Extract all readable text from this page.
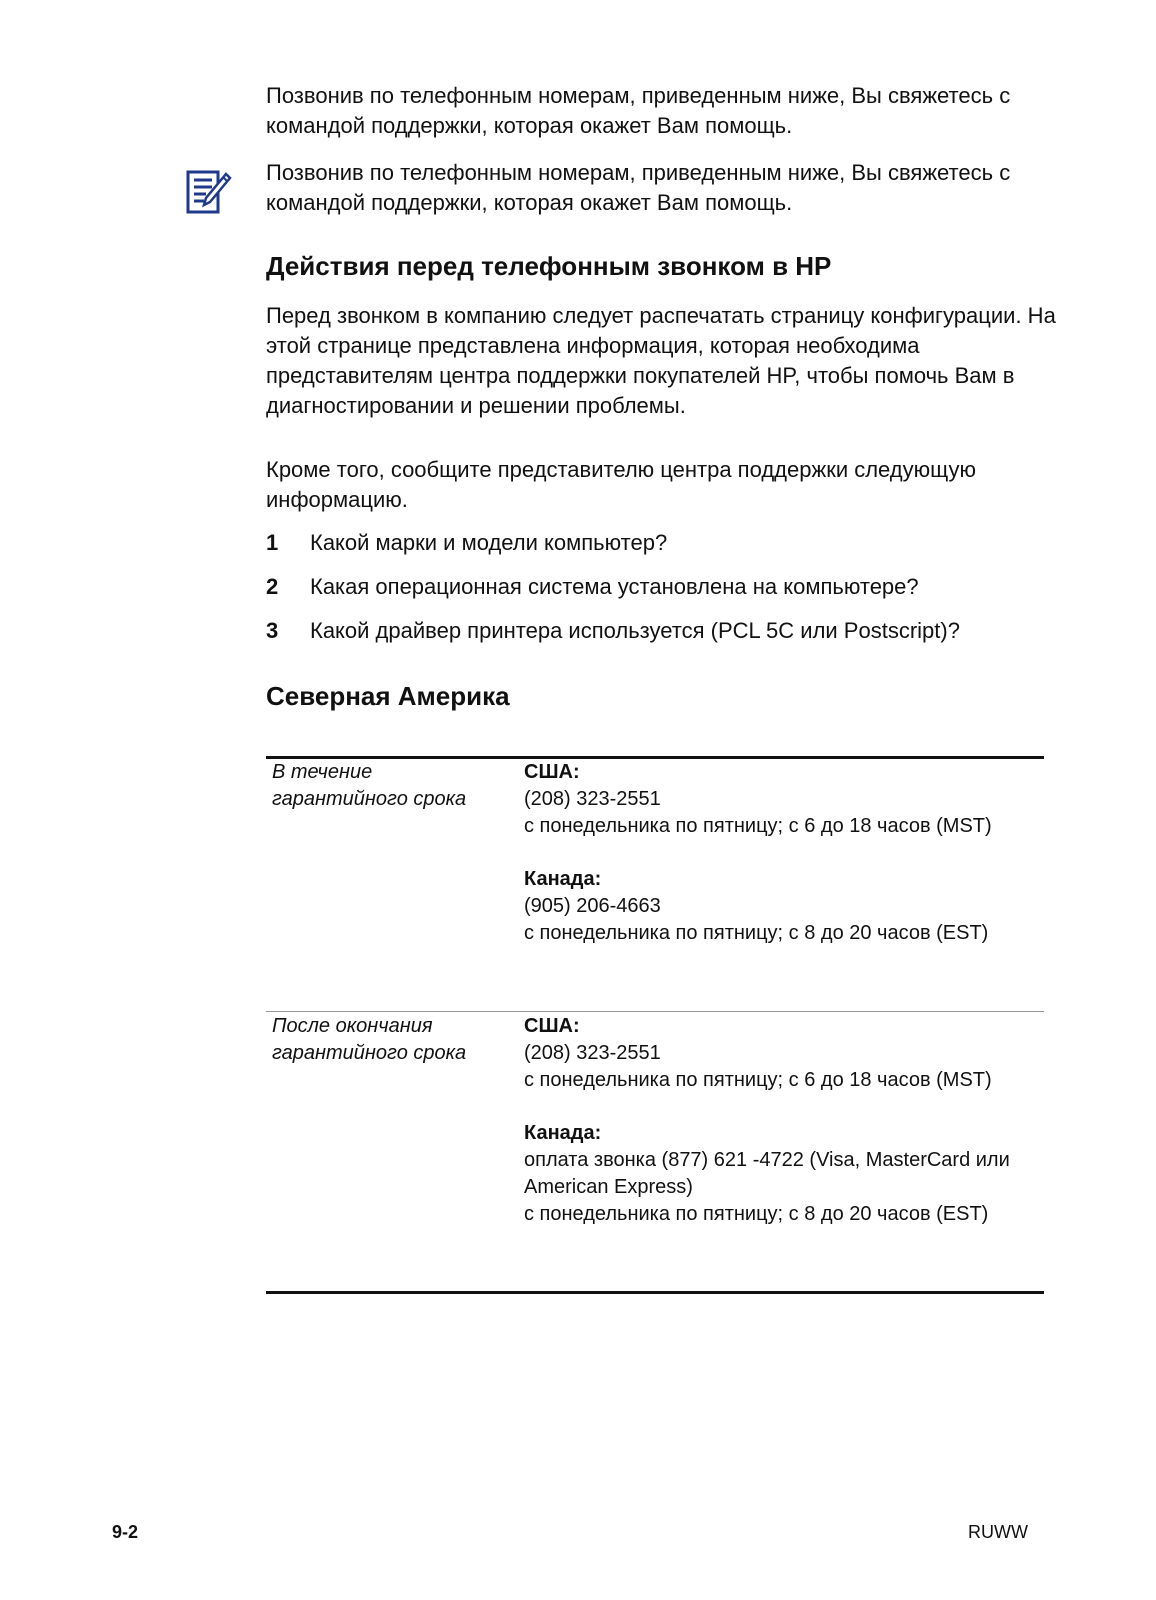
Позвонив по телефонным номерам, приведенным ниже, Вы свяжетесь с командой поддержки, которая окажет Вам помощь.

Позвонив по телефонным номерам, приведенным ниже, Вы свяжетесь с командой поддержки, которая окажет Вам помощь.

Действия перед телефонным звонком в HP

Перед звонком в компанию следует распечатать страницу конфигурации. На этой странице представлена информация, которая необходима представителям центра поддержки покупателей HP, чтобы помочь Вам в диагностировании и решении проблемы.

Кроме того, сообщите представителю центра поддержки следующую информацию.

1 Какой марки и модели компьютер?
2 Какая операционная система установлена на компьютере?
3 Какой драйвер принтера используется (PCL 5C или Postscript)?
Северная Америка
В течение гарантийного срока
США:
(208) 323-2551
с понедельника по пятницу; с 6 до 18 часов (MST)
Канада:
(905) 206-4663
с понедельника по пятницу; с 8 до 20 часов (EST)
После окончания гарантийного срока
США:
(208) 323-2551
с понедельника по пятницу; с 6 до 18 часов (MST)
Канада:
оплата звонка (877) 621 -4722 (Visa, MasterCard или American Express)
с понедельника по пятницу; с 8 до 20 часов (EST)
9-2	RUWW
